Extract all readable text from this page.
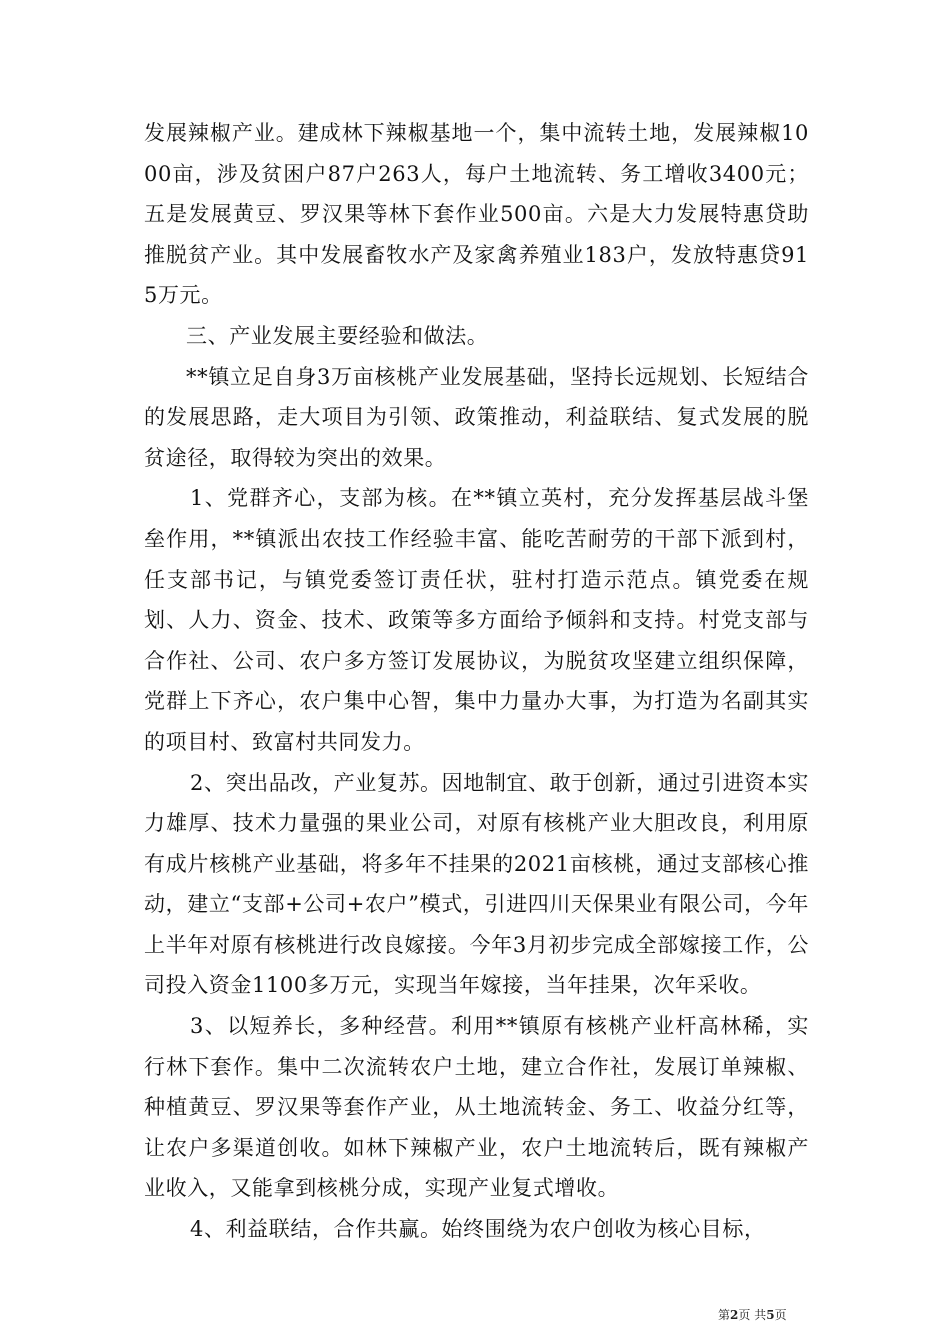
发展辣椒产业。建成林下辣椒基地一个，集中流转土地，发展辣椒1000亩，涉及贫困户87户263人，每户土地流转、务工增收3400元；五是发展黄豆、罗汉果等林下套作业500亩。六是大力发展特惠贷助推脱贫产业。其中发展畜牧水产及家禽养殖业183户，发放特惠贷915万元。

三、产业发展主要经验和做法。

**镇立足自身3万亩核桃产业发展基础，坚持长远规划、长短结合的发展思路，走大项目为引领、政策推动，利益联结、复式发展的脱贫途径，取得较为突出的效果。

1、党群齐心，支部为核。在**镇立英村，充分发挥基层战斗堡垒作用，**镇派出农技工作经验丰富、能吃苦耐劳的干部下派到村，任支部书记，与镇党委签订责任状，驻村打造示范点。镇党委在规划、人力、资金、技术、政策等多方面给予倾斜和支持。村党支部与合作社、公司、农户多方签订发展协议，为脱贫攻坚建立组织保障，党群上下齐心，农户集中心智，集中力量办大事，为打造为名副其实的项目村、致富村共同发力。

2、突出品改，产业复苏。因地制宜、敢于创新，通过引进资本实力雄厚、技术力量强的果业公司，对原有核桃产业大胆改良，利用原有成片核桃产业基础，将多年不挂果的2021亩核桃，通过支部核心推动，建立“支部+公司+农户”模式，引进四川天保果业有限公司，今年上半年对原有核桃进行改良嫁接。今年3月初步完成全部嫁接工作，公司投入资金1100多万元，实现当年嫁接，当年挂果，次年采收。

3、以短养长，多种经营。利用**镇原有核桃产业杆高林稀，实行林下套作。集中二次流转农户土地，建立合作社，发展订单辣椒、种植黄豆、罗汉果等套作产业，从土地流转金、务工、收益分红等，让农户多渠道创收。如林下辣椒产业，农户土地流转后，既有辣椒产业收入，又能拿到核桃分成，实现产业复式增收。

4、利益联结，合作共赢。始终围绕为农户创收为核心目标，

第2页 共5页
